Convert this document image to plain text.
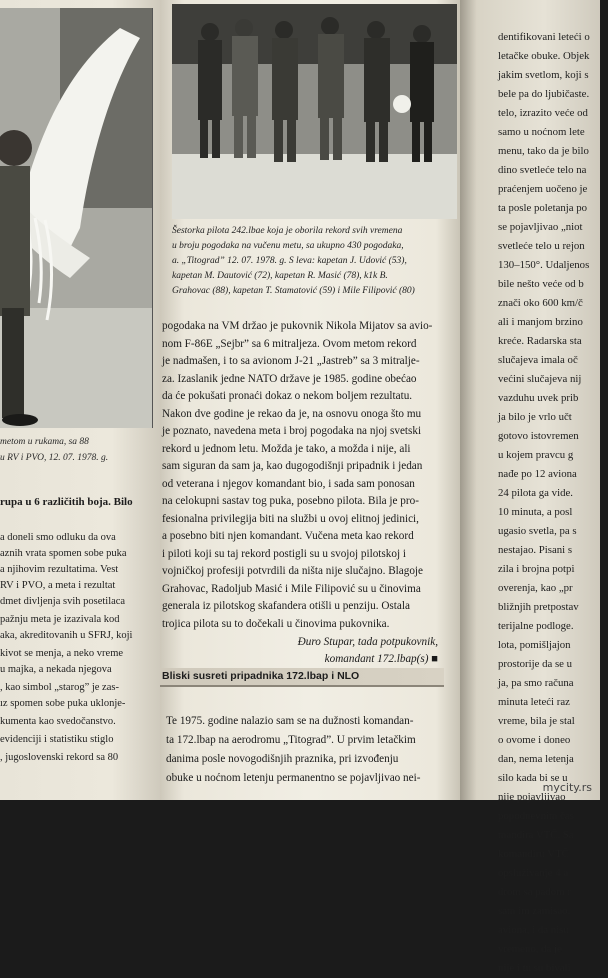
metom u rukama, sa 88
u RV i PVO, 12. 07. 1978. g.
rupa u 6 različitih boja. Bilo
a doneli smo odluku da ova
aznih vrata spomen sobe puka
a njihovim rezultatima. Vest
RV i PVO, a meta i rezultat
dmet divljenja svih posetilaca
pažnju meta je izazivala kod
aka, akreditovanih u SFRJ, koji
kivot se menja, a neko vreme
u majka, a nekada njegova
, kao simbol „starog” je zas-
ız spomen sobe puka uklonje-
kumenta kao svedočanstvo.
evidenciji i statistiku stiglo
, jugoslovenski rekord sa 80
Šestorka pilota 242.lbae koja je oborila rekord svih vremena
u broju pogodaka na vučenu metu, sa ukupno 430 pogodaka,
a. „Titograd” 12. 07. 1978. g. S leva: kapetan J. Udović (53),
kapetan M. Dautović (72), kapetan R. Masić (78), k1k B.
Grahovac (88), kapetan T. Stamatović (59) i Mile Filipović (80)
pogodaka na VM držao je pukovnik Nikola Mijatov sa avio-
nom F-86E „Sejbr” sa 6 mitraljeza. Ovom metom rekord
je nadmašen, i to sa avionom J-21 „Jastreb” sa 3 mitralje-
za. Izaslanik jedne NATO države je 1985. godine obećao
da će pokušati pronaći dokaz o nekom boljem rezultatu.
Nakon dve godine je rekao da je, na osnovu onoga što mu
je poznato, navedena meta i broj pogodaka na njoj svetski
rekord u jednom letu. Možda je tako, a možda i nije, ali
sam siguran da sam ja, kao dugogodišnji pripadnik i jedan
od veterana i njegov komandant bio, i sada sam ponosan
na celokupni sastav tog puka, posebno pilota. Bila je pro-
fesionalna privilegija biti na službi u ovoj elitnoj jedinici,
a posebno biti njen komandant. Vučena meta kao rekord
i piloti koji su taj rekord postigli su u svojoj pilotskoj i
vojničkoj profesiji potvrdili da ništa nije slučajno. Blagoje
Grahovac, Radoljub Masić i Mile Filipović su u činovima
generala iz pilotskog skafandera otišli u penziju. Ostala
trojica pilota su to dočekali u činovima pukovnika.
Đuro Stupar, tada potpukovnik,
komandant 172.lbap(s) ■
Bliski susreti pripadnika 172.lbap i NLO
Te 1975. godine nalazio sam se na dužnosti komandan-
ta 172.lbap na aerodromu „Titograd”. U prvim letačkim
danima posle novogodišnjih praznika, pri izvođenju
obuke u noćnom letenju permanentno se pojavljivao nei-
dentifikovani leteći o
letačke obuke. Objek
jakim svetlom, koji s
bele pa do ljubičaste.
telo, izrazito veće od
samo u noćnom lete
menu, tako da je bilo
dino svetleće telo na
praćenjem uočeno je
ta posle poletanja po
se pojavljivao „niot
svetleće telo u rejon
130–150°. Udaljenos
bile nešto veće od b
znači oko 600 km/č
ali i manjom brzino
kreće. Radarska sta
slučajeva imala oč
većini slučajeva nij
vazduhu uvek prib
ja bilo je vrlo učt
gotovo istovremen
u kojem pravcu g
nađe po 12 avionа
24 pilota ga vide.
10 minuta, a posl
ugasio svetla, pa s
nestajao. Pisani s
zila i brojna potpi
overenja, kao „pr
bližnjih pretpostav
terijalne podloge.
lota, pomišljajon
prostorije da se u
ja, pa smo računa
minuta leteći raz
vreme, bila je stal
o ovome i doneo
dan, nema letenja
silo kada bi se u
nije pojavljivao
popodnevnim čas
mandira VTČ. Sa
komandiru VTČ
opsluživanje 4 a
drom sa padom r
sam im zamisao.
aviona, i da nisu
vremeno, da je
nije i tu su bivali
mycity.rs
